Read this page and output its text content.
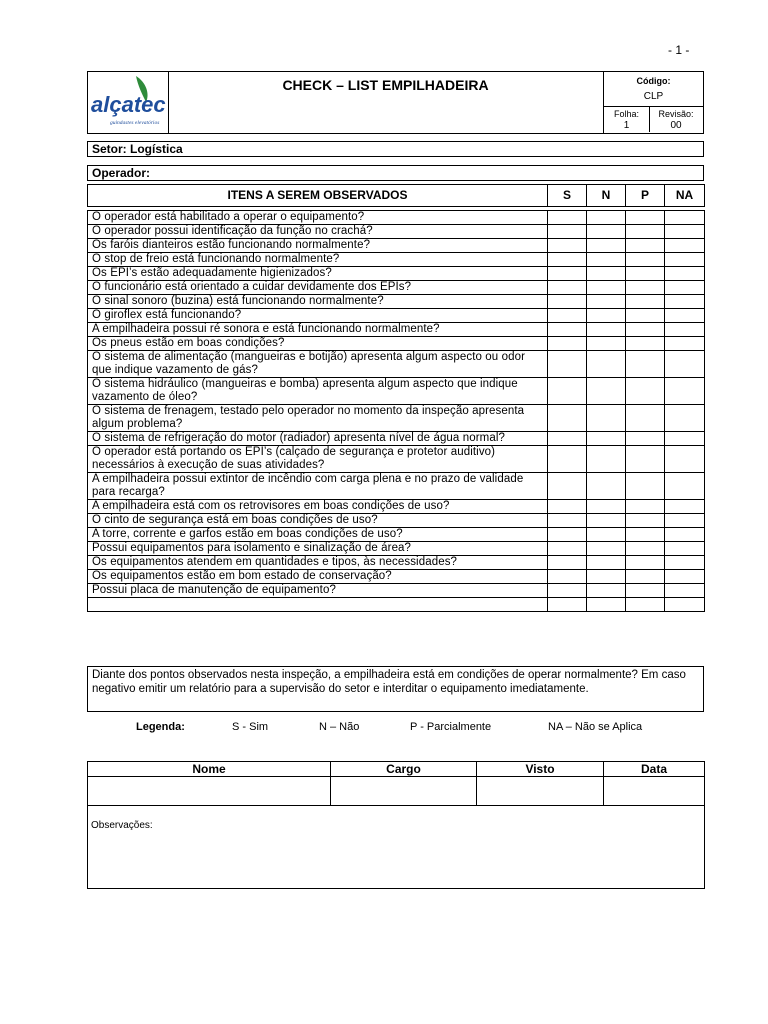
- 1 -
alçatec
guindastes elevatórios
CHECK – LIST EMPILHADEIRA	Código:
CLP
Folha:
1
Revisão:
00
Setor: Logística
Operador:
ITENS A SEREM OBSERVADOS	S	N	P	NA

O operador está habilitado a operar o equipamento?				
O operador possui identificação da função no crachá?				
Os faróis dianteiros estão funcionando normalmente?				
O stop de freio está funcionando normalmente?				
Os EPI’s estão adequadamente higienizados?				
O funcionário está orientado a cuidar devidamente dos EPIs?				
O sinal sonoro (buzina) está funcionando normalmente?				
O giroflex está funcionando?				
A empilhadeira possui ré sonora e está funcionando normalmente?				
Os pneus estão em boas condições?				
O sistema de alimentação (mangueiras e botijão) apresenta algum aspecto ou odor que indique vazamento de gás?				
O sistema hidráulico (mangueiras e bomba) apresenta algum aspecto que indique vazamento de óleo?				
O sistema de frenagem, testado pelo operador no momento da inspeção apresenta algum problema?				
O sistema de refrigeração do motor (radiador) apresenta nível de água normal?				
O operador está portando os EPI’s (calçado de segurança e protetor auditivo) necessários à execução de suas atividades?				
A empilhadeira possui extintor de incêndio com carga plena e no prazo de validade para recarga?				
A empilhadeira está com os retrovisores em boas condições de uso?				
O cinto de segurança está em boas condições de uso?				
A torre, corrente e garfos estão em boas condições de uso?				
Possui equipamentos para isolamento e sinalização de área?				
Os equipamentos atendem em quantidades e tipos, às necessidades?				
Os equipamentos estão em bom estado de conservação?				
Possui placa de manutenção de equipamento?				

Diante dos pontos observados nesta inspeção, a empilhadeira está em condições de operar normalmente? Em caso negativo emitir um relatório para a supervisão do setor e interditar o equipamento imediatamente.
Legenda:	S - Sim	N – Não	P - Parcialmente	NA – Não se Aplica
Nome	Cargo	Visto	Data

Observações:			
